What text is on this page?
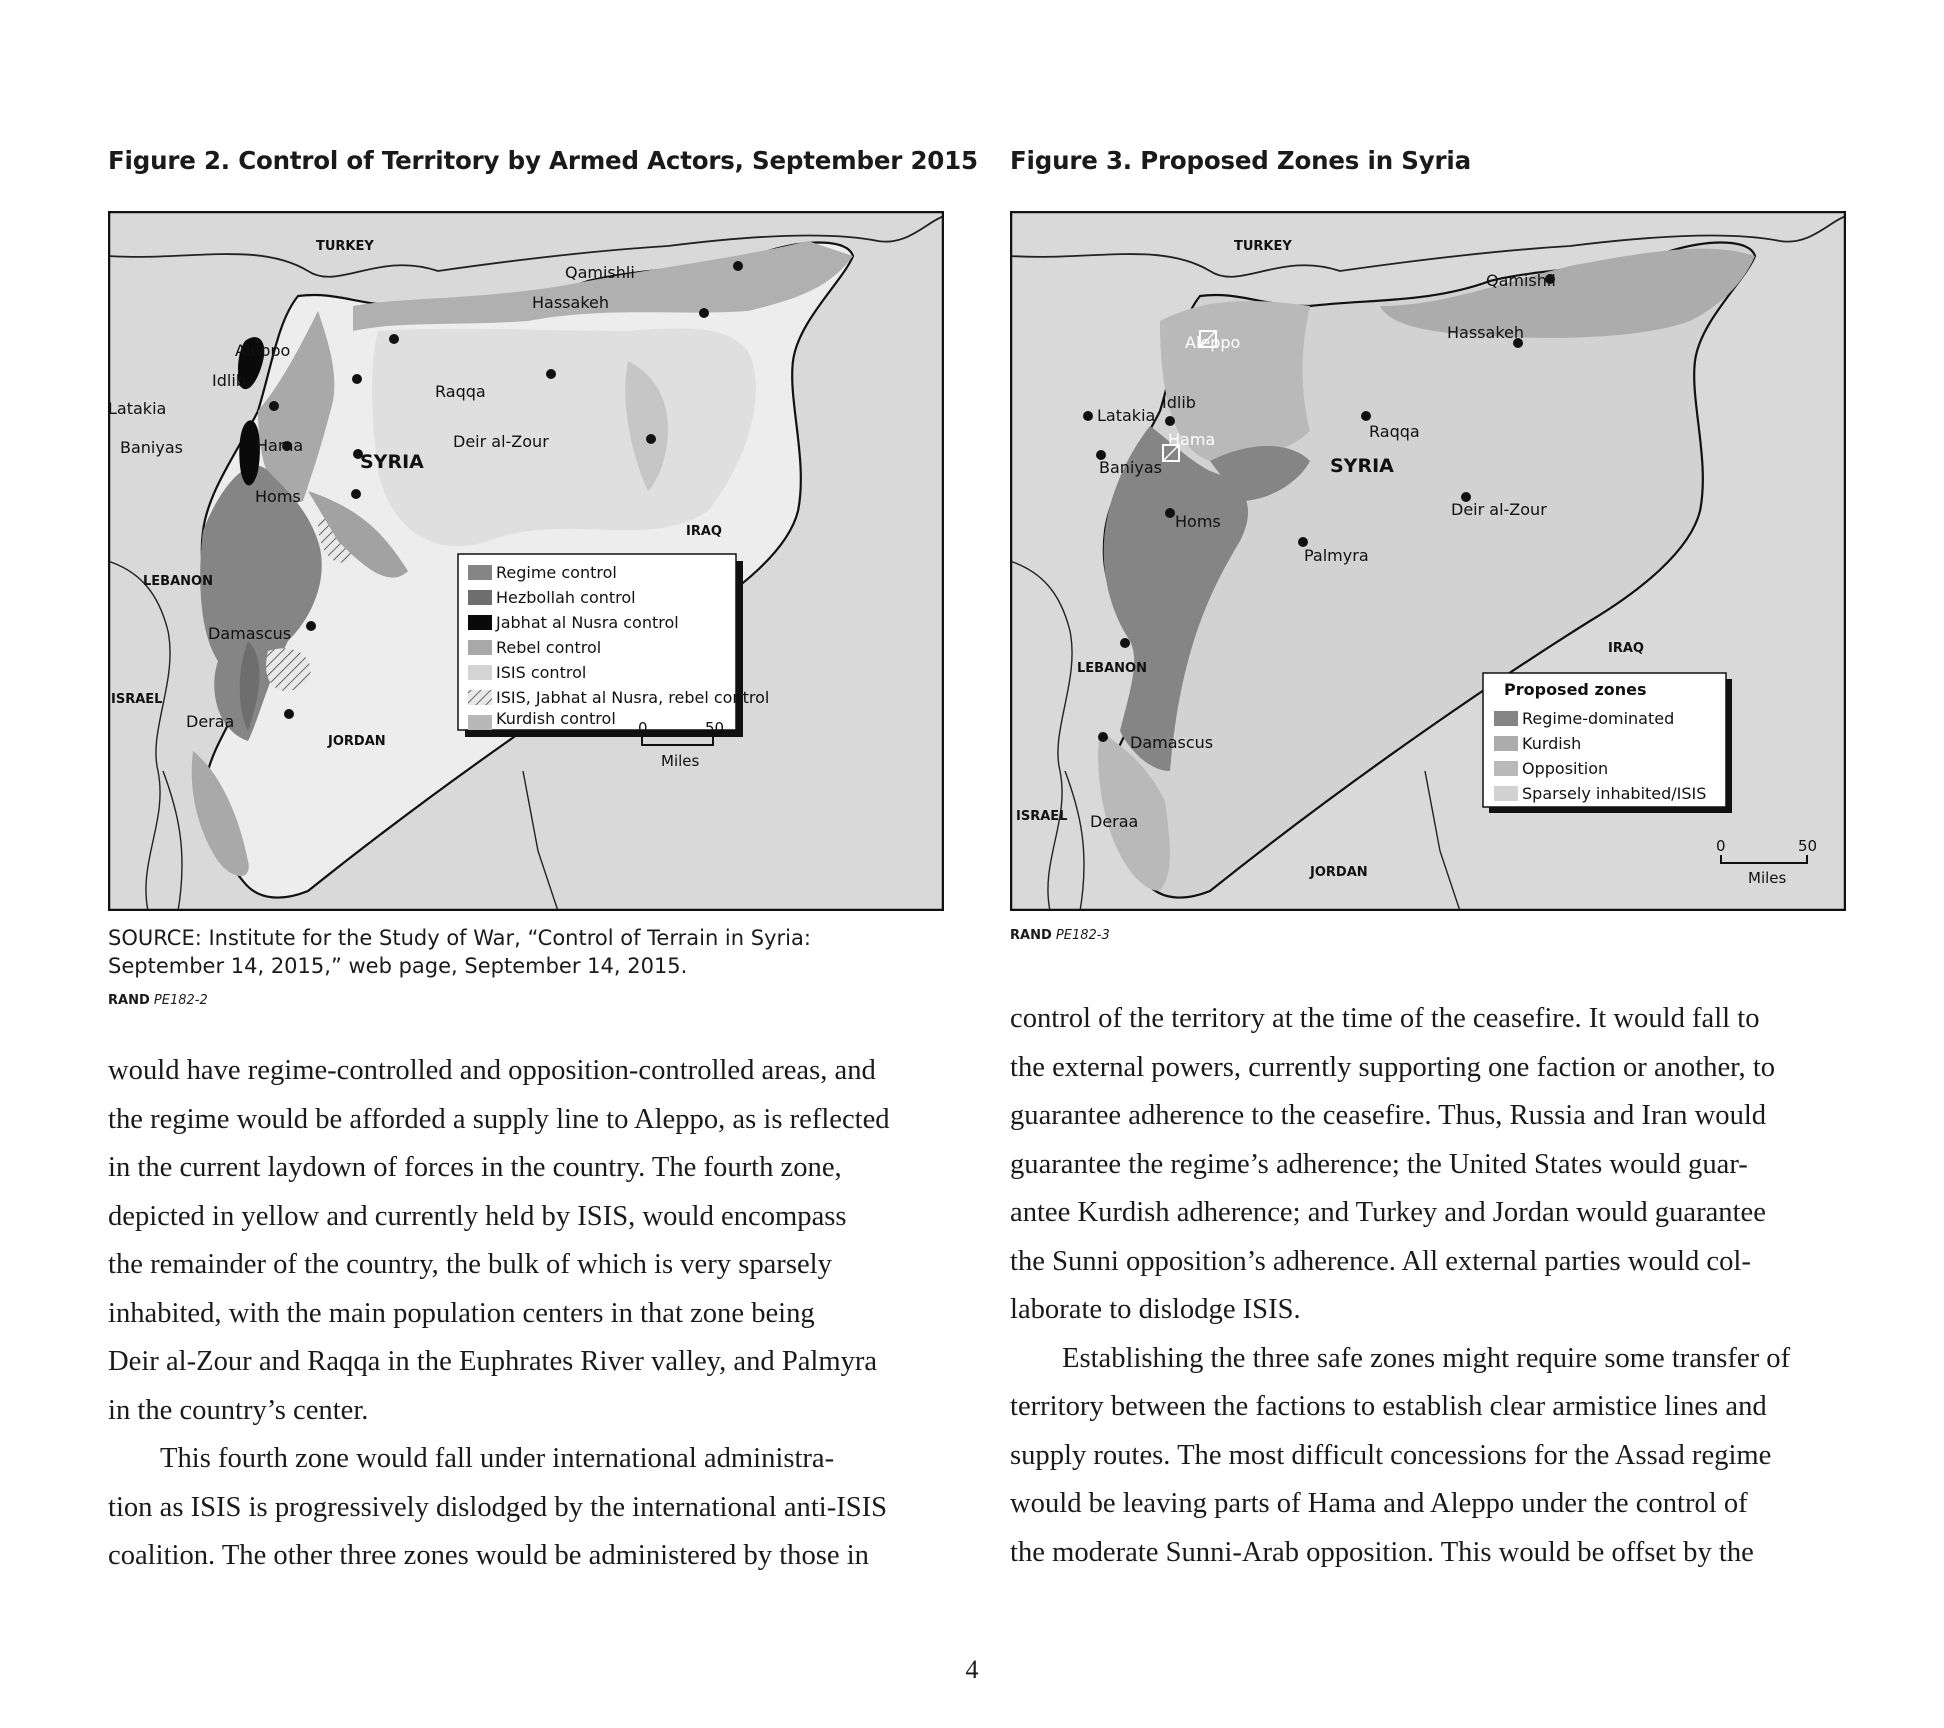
Figure 2. Control of Territory by Armed Actors, September 2015
TURKEY
Qamishli
Hassakeh
Aleppo
Idlib
Latakia
Raqqa
Baniyas	Hama	Deir al-Zour
SYRIA
Homs
IRAQ
LEBANON
Damascus
ISRAEL
Deraa
JORDAN
Regime control
Hezbollah control
Jabhat al Nusra control
Rebel control
ISIS control
ISIS, Jabhat al Nusra, rebel control
Kurdish control 0	50
Miles
SOURCE: Institute for the Study of War, “Control of Terrain in Syria:
September 14, 2015,” web page, September 14, 2015.
RAND PE182-2
Figure 3. Proposed Zones in Syria
TURKEY
Qamishli
Hassakeh
Aleppo
Idlib
Raqqa
Latakia
Hama
Baniyas	SYRIA
Deir al-Zour
Homs
Palmyra
IRAQ
LEBANON
Damascus
ISRAEL Deraa
JORDAN
Proposed zones
Regime-dominated
Kurdish
Opposition
Sparsely inhabited/ISIS
0	50
Miles
RAND PE182-3

would have regime-controlled and opposition-controlled areas, and
the regime would be afforded a supply line to Aleppo, as is reflected
in the current laydown of forces in the country. The fourth zone,
depicted in yellow and currently held by ISIS, would encompass
the remainder of the country, the bulk of which is very sparsely
inhabited, with the main population centers in that zone being
Deir al-Zour and Raqqa in the Euphrates River valley, and Palmyra
in the country’s center.

This fourth zone would fall under international administra-
tion as ISIS is progressively dislodged by the international anti-ISIS
coalition. The other three zones would be administered by those in

control of the territory at the time of the ceasefire. It would fall to
the external powers, currently supporting one faction or another, to
guarantee adherence to the ceasefire. Thus, Russia and Iran would
guarantee the regime’s adherence; the United States would guar-
antee Kurdish adherence; and Turkey and Jordan would guarantee
the Sunni opposition’s adherence. All external parties would col-
laborate to dislodge ISIS.

Establishing the three safe zones might require some transfer of
territory between the factions to establish clear armistice lines and
supply routes. The most difficult concessions for the Assad regime
would be leaving parts of Hama and Aleppo under the control of
the moderate Sunni-Arab opposition. This would be offset by the

4
